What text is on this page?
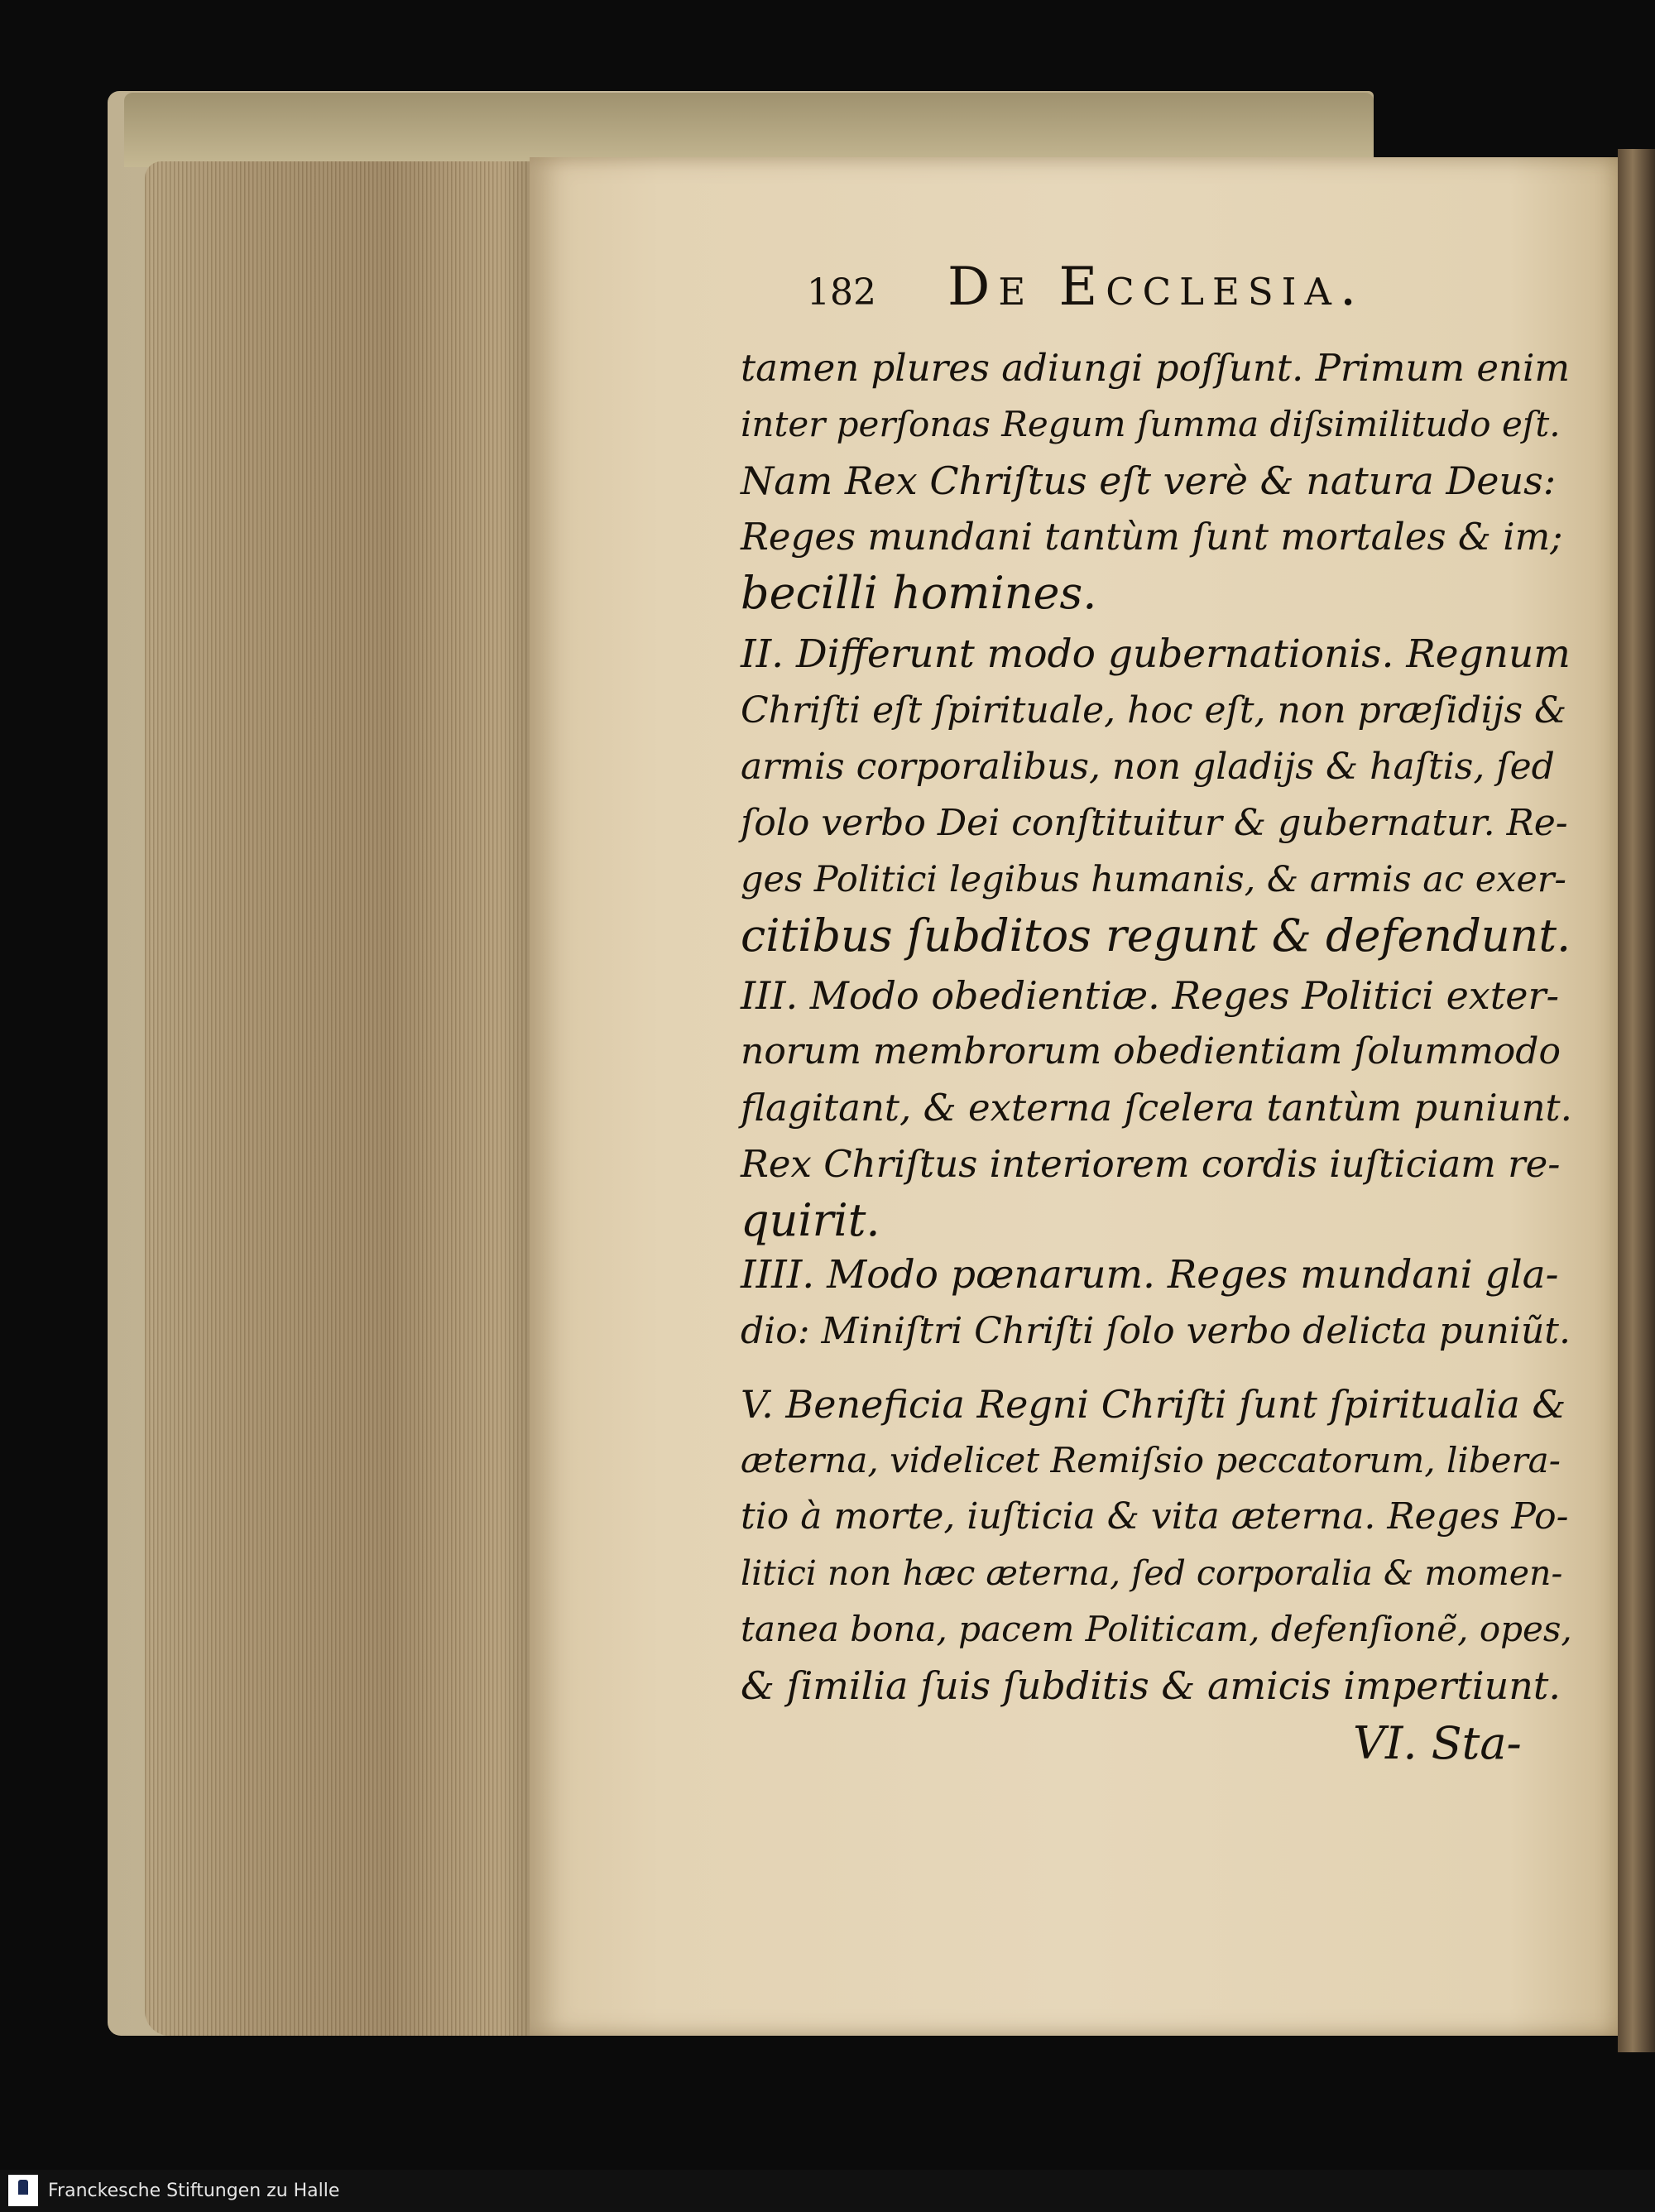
182 De Ecclesia.
tamen plures adiungi poſſunt. Primum enim
inter perſonas Regum ſumma diſsimilitudo eſt.
Nam Rex Chriſtus eſt verè & natura Deus:
Reges mundani tantùm ſunt mortales & im;
becilli homines.
II. Differunt modo gubernationis. Regnum
Chriſti eſt ſpirituale, hoc eſt, non præſidijs &
armis corporalibus, non gladijs & haſtis, ſed
ſolo verbo Dei conſtituitur & gubernatur. Re-
ges Politici legibus humanis, & armis ac exer-
citibus ſubditos regunt & defendunt.
III. Modo obedientiæ. Reges Politici exter-
norum membrorum obedientiam ſolummodo
flagitant, & externa ſcelera tantùm puniunt.
Rex Chriſtus interiorem cordis iuſticiam re-
quirit.
IIII. Modo pœnarum. Reges mundani gla-
dio: Miniſtri Chriſti ſolo verbo delicta puniũt.
V. Beneficia Regni Chriſti ſunt ſpiritualia &
æterna, videlicet Remiſsio peccatorum, libera-
tio à morte, iuſticia & vita æterna. Reges Po-
litici non hæc æterna, ſed corporalia & momen-
tanea bona, pacem Politicam, defenſionẽ, opes,
& ſimilia ſuis ſubditis & amicis impertiunt.
VI. Sta-
Franckesche Stiftungen zu Halle
